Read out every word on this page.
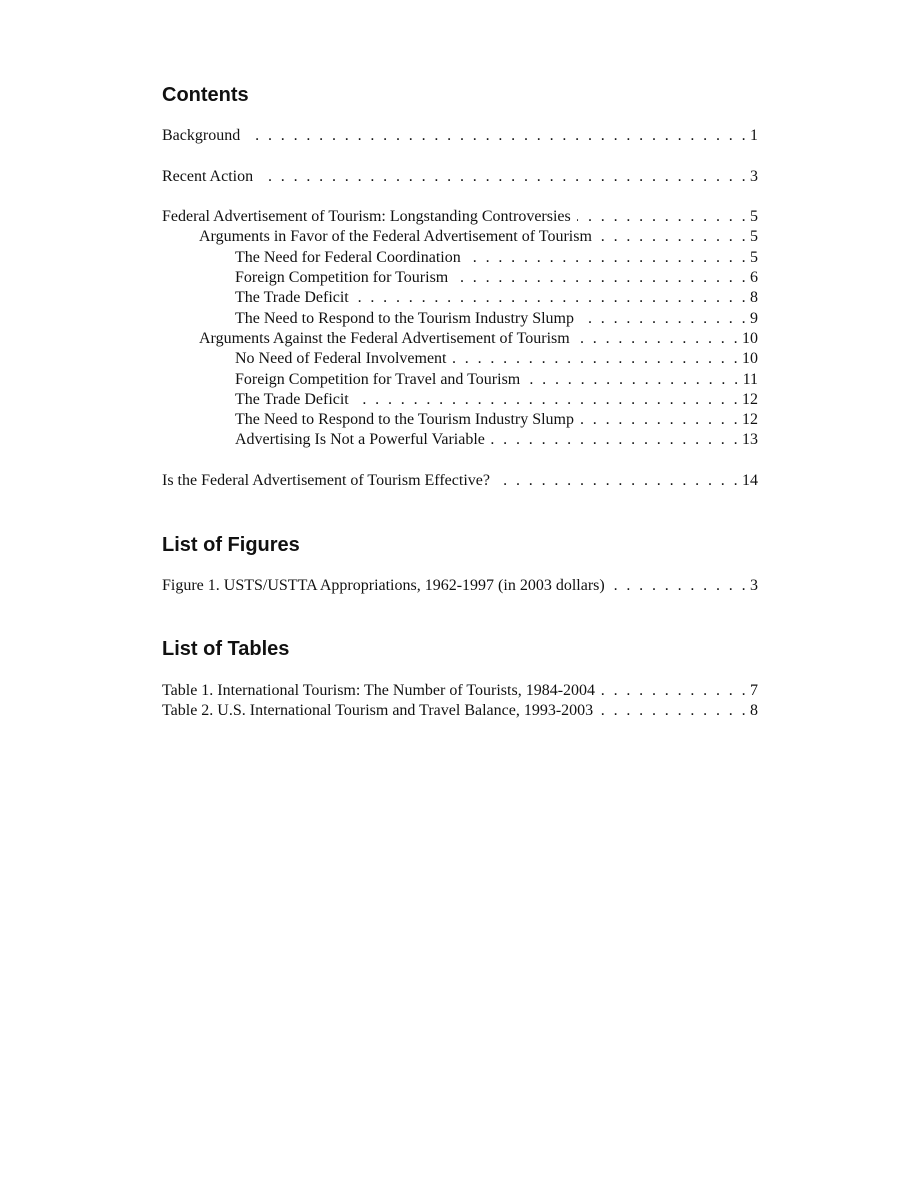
Contents
Background . . .	1
Recent Action . . .	3
Federal Advertisement of Tourism: Longstanding Controversies . . .	5
Arguments in Favor of the Federal Advertisement of Tourism . . .	5
The Need for Federal Coordination . . .	5
Foreign Competition for Tourism . . .	6
The Trade Deficit . . .	8
The Need to Respond to the Tourism Industry Slump . . .	9
Arguments Against the Federal Advertisement of Tourism . . .	10
No Need of Federal Involvement . . .	10
Foreign Competition for Travel and Tourism . . .	11
The Trade Deficit . . .	12
The Need to Respond to the Tourism Industry Slump . . .	12
Advertising Is Not a Powerful Variable . . .	13
Is the Federal Advertisement of Tourism Effective? . . .	14
List of Figures
Figure 1. USTS/USTTA Appropriations, 1962-1997 (in 2003 dollars) . . .	3
List of Tables
Table 1. International Tourism: The Number of Tourists, 1984-2004 . . .	7
Table 2. U.S. International Tourism and Travel Balance, 1993-2003 . . .	8
